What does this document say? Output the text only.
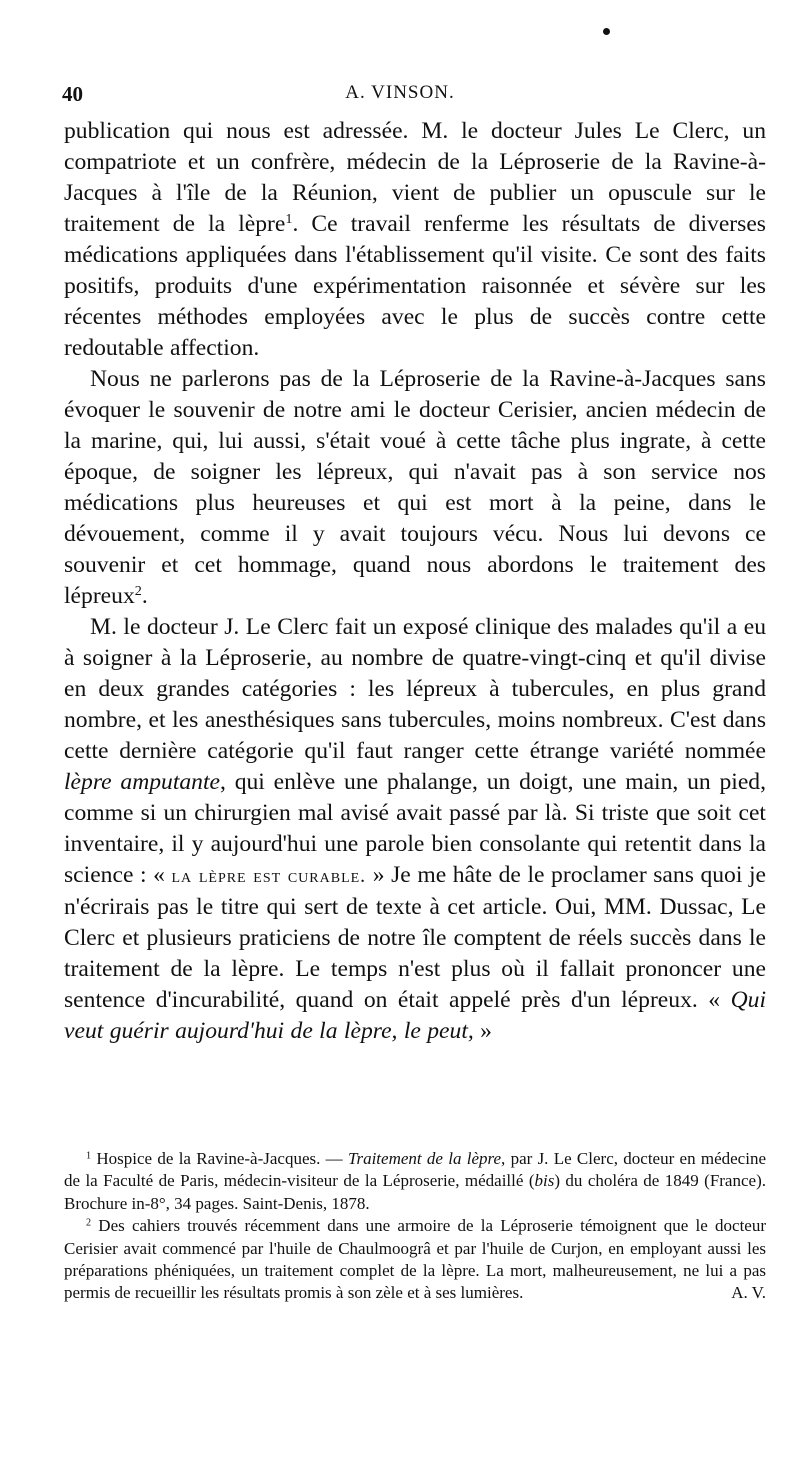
40	A. VINSON.

publication qui nous est adressée. M. le docteur Jules Le Clerc, un compatriote et un confrère, médecin de la Léproserie de la Ravine-à-Jacques à l'île de la Réunion, vient de publier un opuscule sur le traitement de la lèpre$^1$. Ce travail renferme les résultats de diverses médications appliquées dans l'établissement qu'il visite. Ce sont des faits positifs, produits d'une expérimentation raisonnée et sévère sur les récentes méthodes employées avec le plus de succès contre cette redoutable affection.

Nous ne parlerons pas de la Léproserie de la Ravine-à-Jacques sans évoquer le souvenir de notre ami le docteur Cerisier, ancien médecin de la marine, qui, lui aussi, s'était voué à cette tâche plus ingrate, à cette époque, de soigner les lépreux, qui n'avait pas à son service nos médications plus heureuses et qui est mort à la peine, dans le dévouement, comme il y avait toujours vécu. Nous lui devons ce souvenir et cet hommage, quand nous abordons le traitement des lépreux$^2$.

M. le docteur J. Le Clerc fait un exposé clinique des malades qu'il a eu à soigner à la Léproserie, au nombre de quatre-vingt-cinq et qu'il divise en deux grandes catégories : les lépreux à tubercules, en plus grand nombre, et les anesthésiques sans tubercules, moins nombreux. C'est dans cette dernière catégorie qu'il faut ranger cette étrange variété nommée lèpre amputante, qui enlève une phalange, un doigt, une main, un pied, comme si un chirurgien mal avisé avait passé par là. Si triste que soit cet inventaire, il y aujourd'hui une parole bien consolante qui retentit dans la science : « la lèpre est curable. » Je me hâte de le proclamer sans quoi je n'écrirais pas le titre qui sert de texte à cet article. Oui, MM. Dussac, Le Clerc et plusieurs praticiens de notre île comptent de réels succès dans le traitement de la lèpre. Le temps n'est plus où il fallait prononcer une sentence d'incurabilité, quand on était appelé près d'un lépreux. « Qui veut guérir aujourd'hui de la lèpre, le peut, »

$^1$ Hospice de la Ravine-à-Jacques. — Traitement de la lèpre, par J. Le Clerc, docteur en médecine de la Faculté de Paris, médecin-visiteur de la Léproserie, médaillé (bis) du choléra de 1849 (France). Brochure in-8°, 34 pages. Saint-Denis, 1878.

$^2$ Des cahiers trouvés récemment dans une armoire de la Léproserie témoignent que le docteur Cerisier avait commencé par l'huile de Chaulmoogrâ et par l'huile de Curjon, en employant aussi les préparations phéniquées, un traitement complet de la lèpre. La mort, malheureusement, ne lui a pas permis de recueillir les résultats promis à son zèle et à ses lumières.	A. V.
